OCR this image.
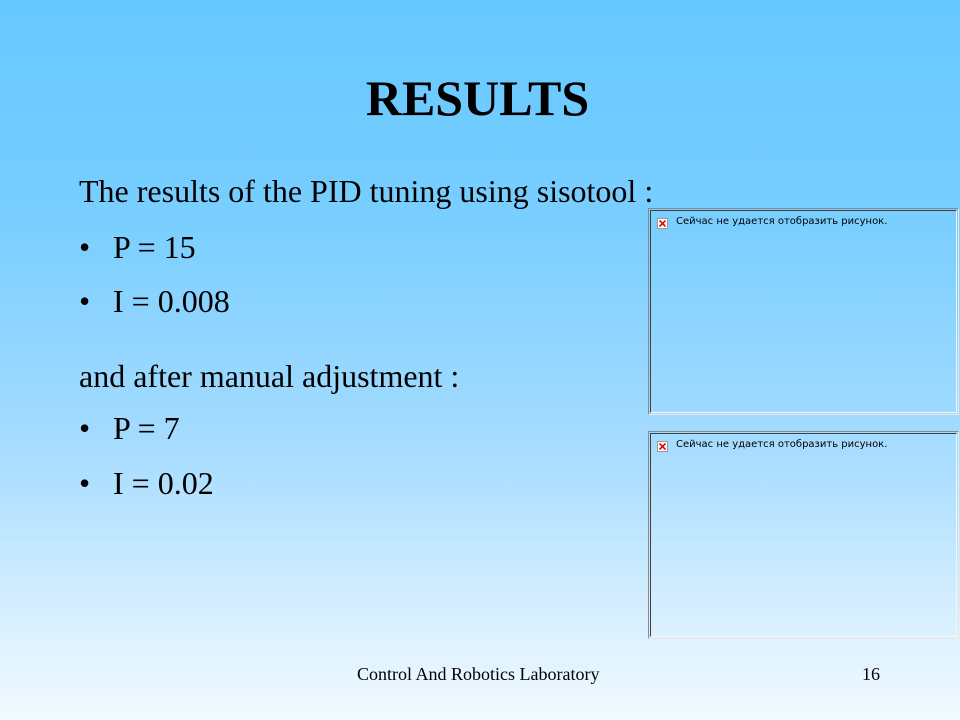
RESULTS
The results of the PID tuning using sisotool :
• P = 15
• I = 0.008
and after manual adjustment :
• P = 7
• I = 0.02
Сейчас не удается отобразить рисунок.
Сейчас не удается отобразить рисунок.
Control And Robotics Laboratory	16
